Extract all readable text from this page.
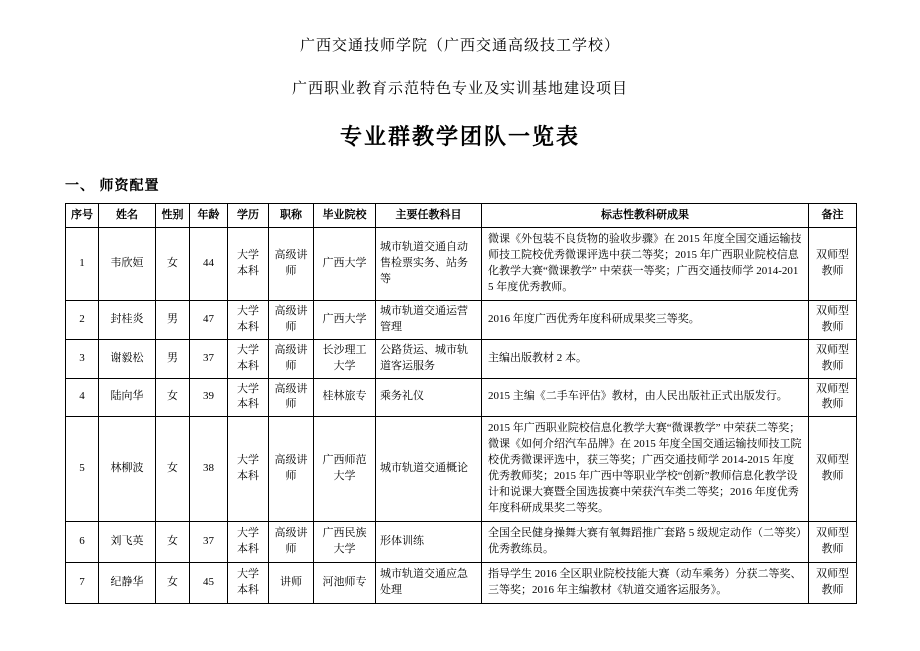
广西交通技师学院（广西交通高级技工学校）

广西职业教育示范特色专业及实训基地建设项目

专业群教学团队一览表

一、 师资配置

序号	姓名	性别	年龄	学历	职称	毕业院校	主要任教科目	标志性教科研成果	备注
1	韦欣姮	女	44	大学本科	高级讲师	广西大学	城市轨道交通自动售检票实务、站务等	微课《外包装不良货物的验收步骤》在 2015 年度全国交通运输技师技工院校优秀微课评选中获二等奖；2015 年广西职业院校信息化教学大赛“微课教学” 中荣获一等奖；广西交通技师学 2014-2015 年度优秀教师。	双师型教师
2	封桂炎	男	47	大学本科	高级讲师	广西大学	城市轨道交通运营管理	2016 年度广西优秀年度科研成果奖三等奖。	双师型教师
3	谢毅松	男	37	大学本科	高级讲师	长沙理工大学	公路货运、城市轨道客运服务	主编出版教材 2 本。	双师型教师
4	陆向华	女	39	大学本科	高级讲师	桂林旅专	乘务礼仪	2015 主编《二手车评估》教材，由人民出版社正式出版发行。	双师型教师
5	林柳波	女	38	大学本科	高级讲师	广西师范大学	城市轨道交通概论	2015 年广西职业院校信息化教学大赛“微课教学” 中荣获二等奖；微课《如何介绍汽车品牌》在 2015 年度全国交通运输技师技工院校优秀微课评选中，获三等奖；广西交通技师学 2014-2015 年度优秀教师奖；2015 年广西中等职业学校“创新”教师信息化教学设计和说课大赛暨全国选拔赛中荣获汽车类二等奖；2016 年度优秀年度科研成果奖二等奖。	双师型教师
6	刘飞英	女	37	大学本科	高级讲师	广西民族大学	形体训练	全国全民健身操舞大赛有氧舞蹈推广套路 5 级规定动作（二等奖）优秀教练员。	双师型教师
7	纪静华	女	45	大学本科	讲师	河池师专	城市轨道交通应急处理	指导学生 2016 全区职业院校技能大赛（动车乘务）分获二等奖、三等奖；2016 年主编教材《轨道交通客运服务》。	双师型教师
